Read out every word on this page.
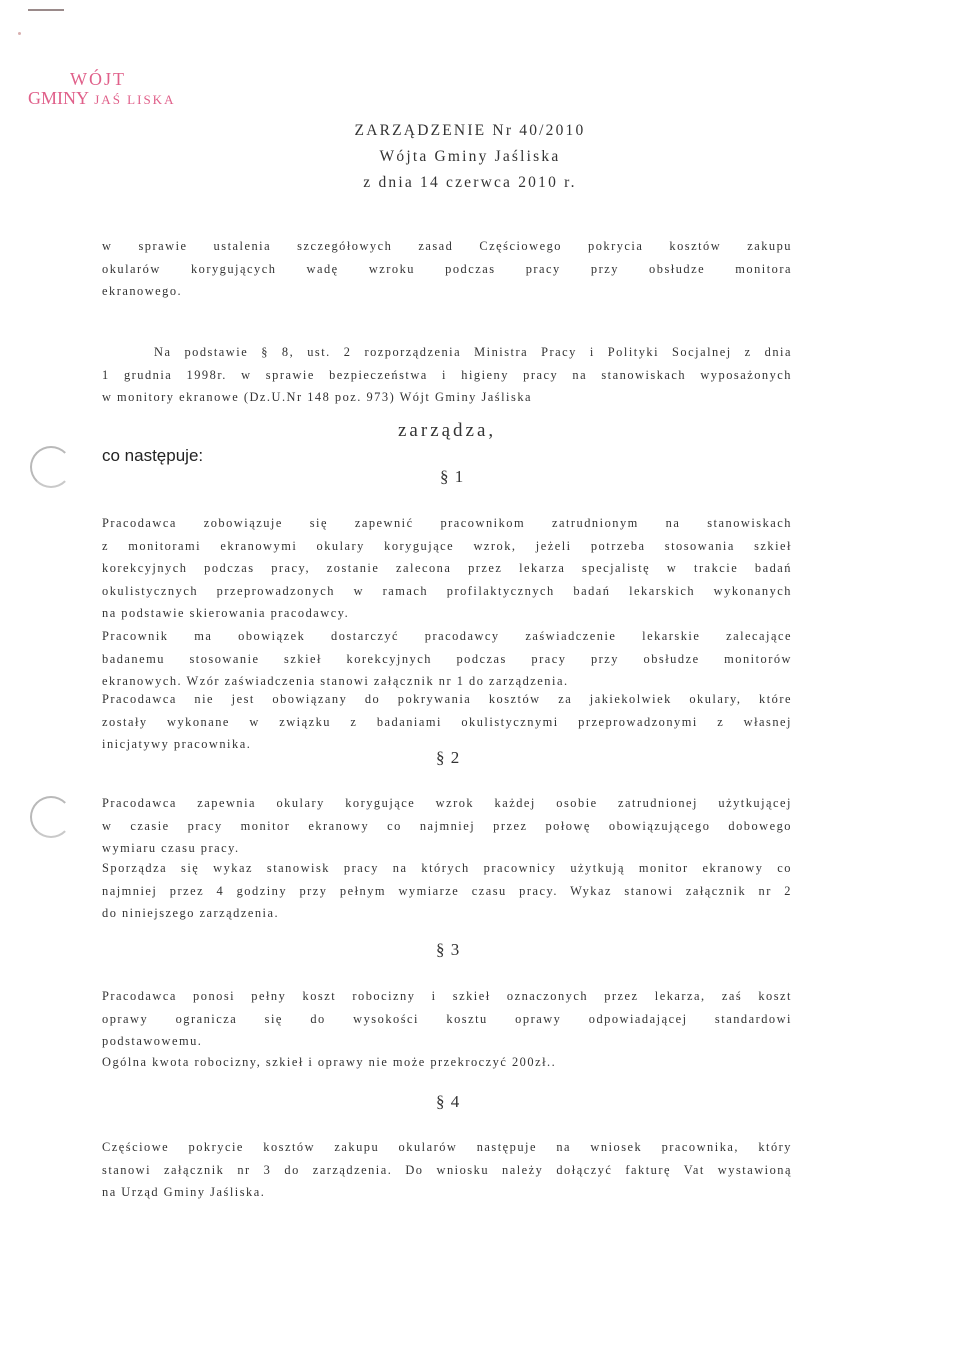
WÓJT
GMINY JAŚ LISKA
ZARZĄDZENIE Nr 40/2010
Wójta Gminy Jaśliska
z dnia 14 czerwca 2010 r.
w sprawie ustalenia szczegółowych zasad Częściowego pokrycia kosztów zakupu
okularów korygujących wadę wzroku podczas pracy przy obsłudze monitora
ekranowego.
Na podstawie § 8, ust. 2 rozporządzenia Ministra Pracy i Polityki Socjalnej z dnia
1 grudnia 1998r. w sprawie bezpieczeństwa i higieny pracy na stanowiskach wyposażonych
w monitory ekranowe (Dz.U.Nr 148 poz. 973) Wójt Gminy Jaśliska
zarządza,
co następuje:
§ 1
Pracodawca zobowiązuje się zapewnić pracownikom zatrudnionym na stanowiskach
z monitorami ekranowymi okulary korygujące wzrok, jeżeli potrzeba stosowania szkieł
korekcyjnych podczas pracy, zostanie zalecona przez lekarza specjalistę w trakcie badań
okulistycznych przeprowadzonych w ramach profilaktycznych badań lekarskich wykonanych
na podstawie skierowania pracodawcy.
Pracownik ma obowiązek dostarczyć pracodawcy zaświadczenie lekarskie zalecające
badanemu stosowanie szkieł korekcyjnych podczas pracy przy obsłudze monitorów
ekranowych. Wzór zaświadczenia stanowi załącznik nr 1 do zarządzenia.
Pracodawca nie jest obowiązany do pokrywania kosztów za jakiekolwiek okulary, które
zostały wykonane w związku z badaniami okulistycznymi przeprowadzonymi z własnej
inicjatywy pracownika.
§ 2
Pracodawca zapewnia okulary korygujące wzrok każdej osobie zatrudnionej użytkującej
w czasie pracy monitor ekranowy co najmniej przez połowę obowiązującego dobowego
wymiaru czasu pracy.
Sporządza się wykaz stanowisk pracy na których pracownicy użytkują monitor ekranowy co
najmniej przez 4 godziny przy pełnym wymiarze czasu pracy. Wykaz stanowi załącznik nr 2
do niniejszego zarządzenia.
§ 3
Pracodawca ponosi pełny koszt robocizny i szkieł oznaczonych przez lekarza, zaś koszt
oprawy ogranicza się do wysokości kosztu oprawy odpowiadającej standardowi
podstawowemu.
Ogólna kwota robocizny, szkieł i oprawy nie może przekroczyć 200zł..
§ 4
Częściowe pokrycie kosztów zakupu okularów następuje na wniosek pracownika, który
stanowi załącznik nr 3 do zarządzenia. Do wniosku należy dołączyć fakturę Vat wystawioną
na Urząd Gminy Jaśliska.
